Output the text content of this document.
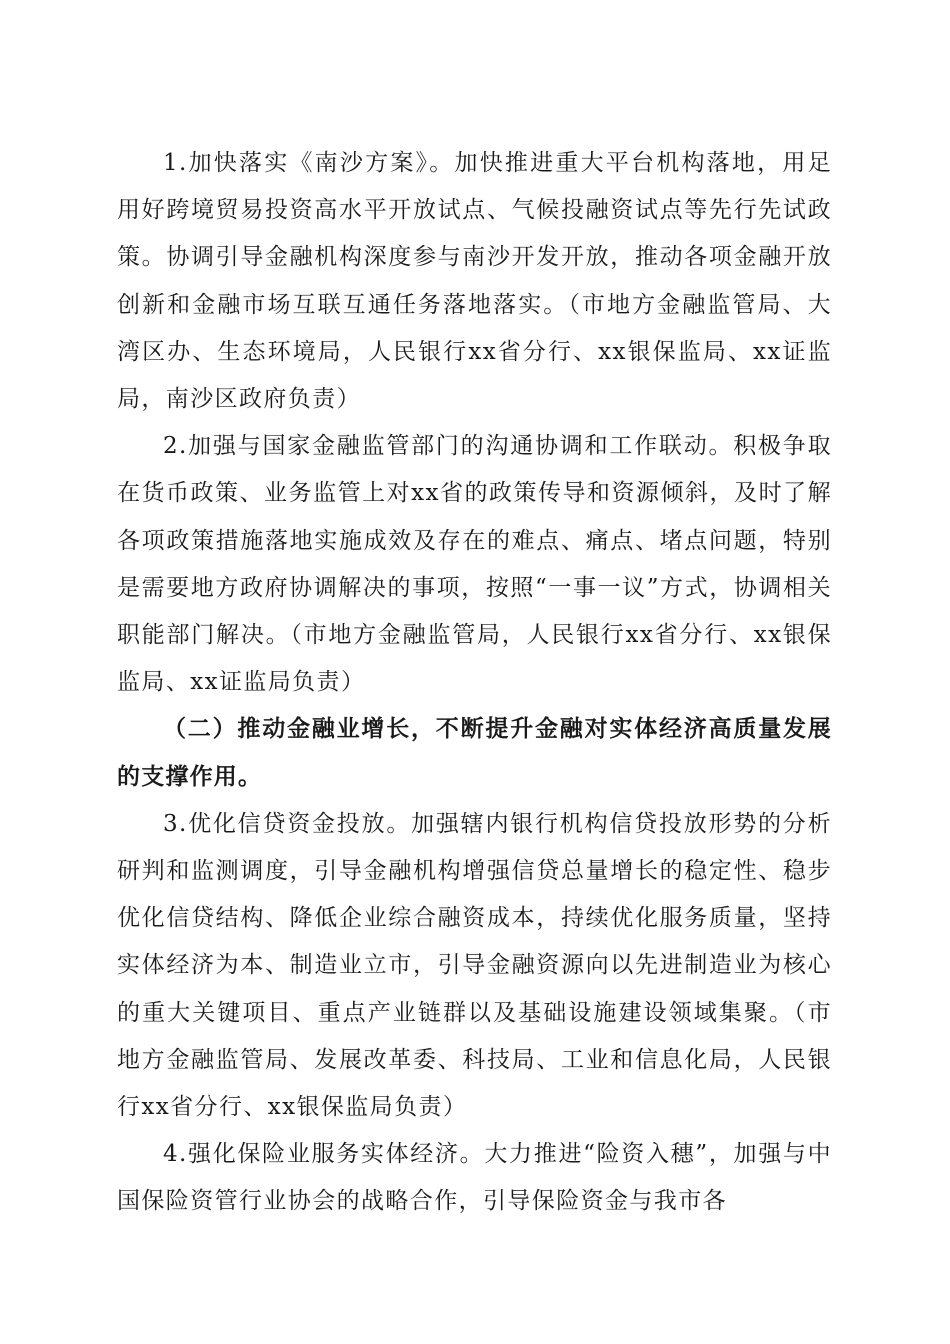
1.加快落实《南沙方案》。加快推进重大平台机构落地，用足用好跨境贸易投资高水平开放试点、气候投融资试点等先行先试政策。协调引导金融机构深度参与南沙开发开放，推动各项金融开放创新和金融市场互联互通任务落地落实。（市地方金融监管局、大湾区办、生态环境局，人民银行xx省分行、xx银保监局、xx证监局，南沙区政府负责）

2.加强与国家金融监管部门的沟通协调和工作联动。积极争取在货币政策、业务监管上对xx省的政策传导和资源倾斜，及时了解各项政策措施落地实施成效及存在的难点、痛点、堵点问题，特别是需要地方政府协调解决的事项，按照“一事一议”方式，协调相关职能部门解决。（市地方金融监管局，人民银行xx省分行、xx银保监局、xx证监局负责）

（二）推动金融业增长，不断提升金融对实体经济高质量发展的支撑作用。

3.优化信贷资金投放。加强辖内银行机构信贷投放形势的分析研判和监测调度，引导金融机构增强信贷总量增长的稳定性、稳步优化信贷结构、降低企业综合融资成本，持续优化服务质量，坚持实体经济为本、制造业立市，引导金融资源向以先进制造业为核心的重大关键项目、重点产业链群以及基础设施建设领域集聚。（市地方金融监管局、发展改革委、科技局、工业和信息化局，人民银行xx省分行、xx银保监局负责）

4.强化保险业服务实体经济。大力推进“险资入穗”，加强与中国保险资管行业协会的战略合作，引导保险资金与我市各
